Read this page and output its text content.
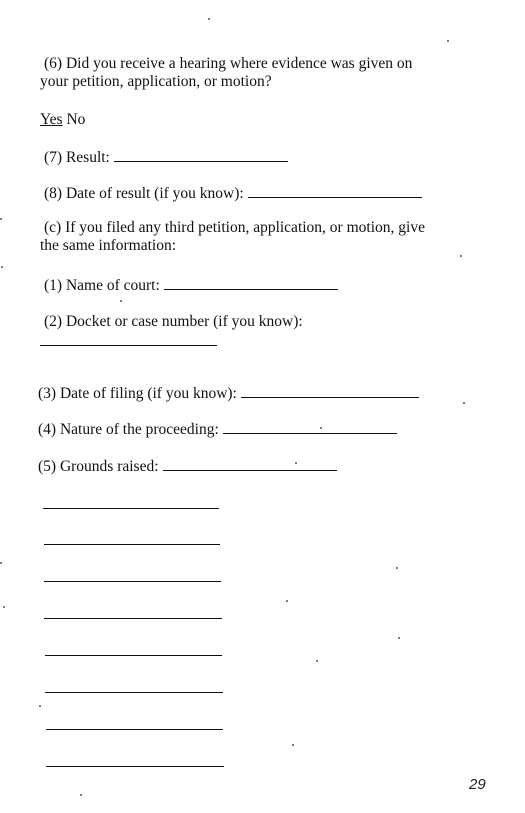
(6) Did you receive a hearing where evidence was given on
your petition, application, or motion?
Yes No
(7) Result:
(8) Date of result (if you know):
(c) If you filed any third petition, application, or motion, give
the same information:
(1) Name of court:
(2) Docket or case number (if you know):
(3) Date of filing (if you know):
(4) Nature of the proceeding:
(5) Grounds raised:
29
